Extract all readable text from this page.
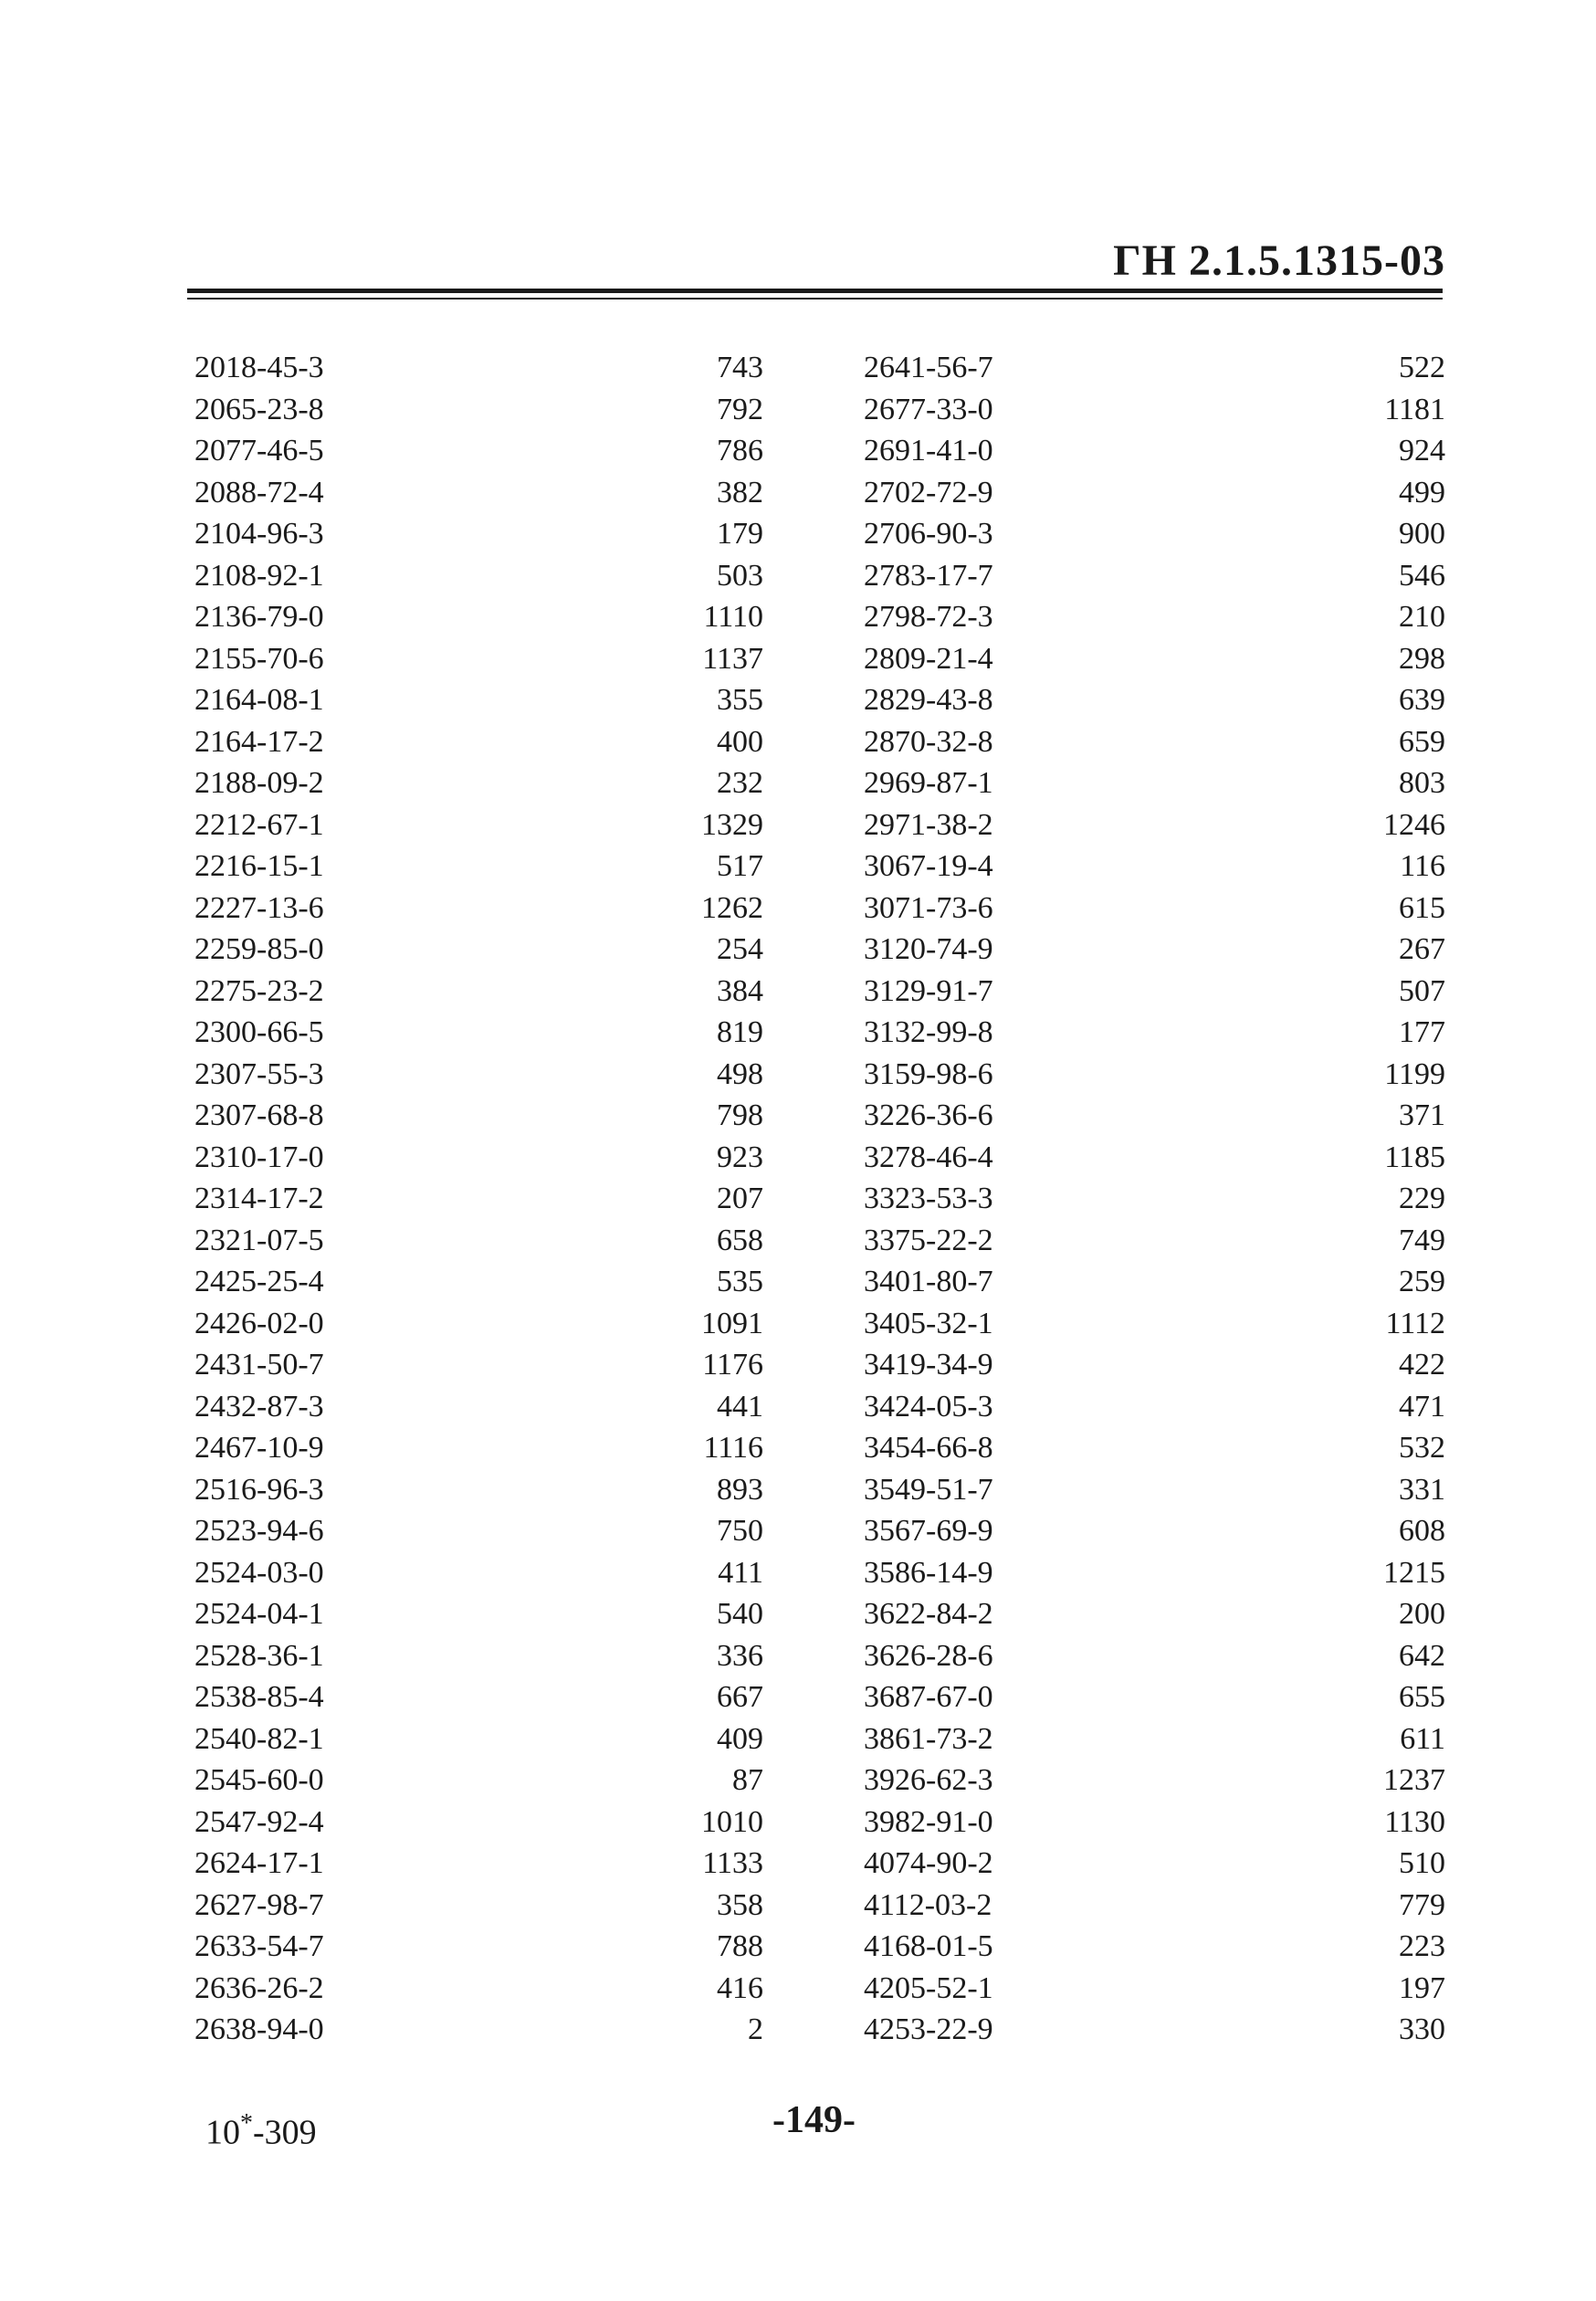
ГН 2.1.5.1315-03
2018-45-3	743	2641-56-7	522
2065-23-8	792	2677-33-0	1181
2077-46-5	786	2691-41-0	924
2088-72-4	382	2702-72-9	499
2104-96-3	179	2706-90-3	900
2108-92-1	503	2783-17-7	546
2136-79-0	1110	2798-72-3	210
2155-70-6	1137	2809-21-4	298
2164-08-1	355	2829-43-8	639
2164-17-2	400	2870-32-8	659
2188-09-2	232	2969-87-1	803
2212-67-1	1329	2971-38-2	1246
2216-15-1	517	3067-19-4	116
2227-13-6	1262	3071-73-6	615
2259-85-0	254	3120-74-9	267
2275-23-2	384	3129-91-7	507
2300-66-5	819	3132-99-8	177
2307-55-3	498	3159-98-6	1199
2307-68-8	798	3226-36-6	371
2310-17-0	923	3278-46-4	1185
2314-17-2	207	3323-53-3	229
2321-07-5	658	3375-22-2	749
2425-25-4	535	3401-80-7	259
2426-02-0	1091	3405-32-1	1112
2431-50-7	1176	3419-34-9	422
2432-87-3	441	3424-05-3	471
2467-10-9	1116	3454-66-8	532
2516-96-3	893	3549-51-7	331
2523-94-6	750	3567-69-9	608
2524-03-0	411	3586-14-9	1215
2524-04-1	540	3622-84-2	200
2528-36-1	336	3626-28-6	642
2538-85-4	667	3687-67-0	655
2540-82-1	409	3861-73-2	611
2545-60-0	87	3926-62-3	1237
2547-92-4	1010	3982-91-0	1130
2624-17-1	1133	4074-90-2	510
2627-98-7	358	4112-03-2	779
2633-54-7	788	4168-01-5	223
2636-26-2	416	4205-52-1	197
2638-94-0	2	4253-22-9	330
10*-309	-149-
